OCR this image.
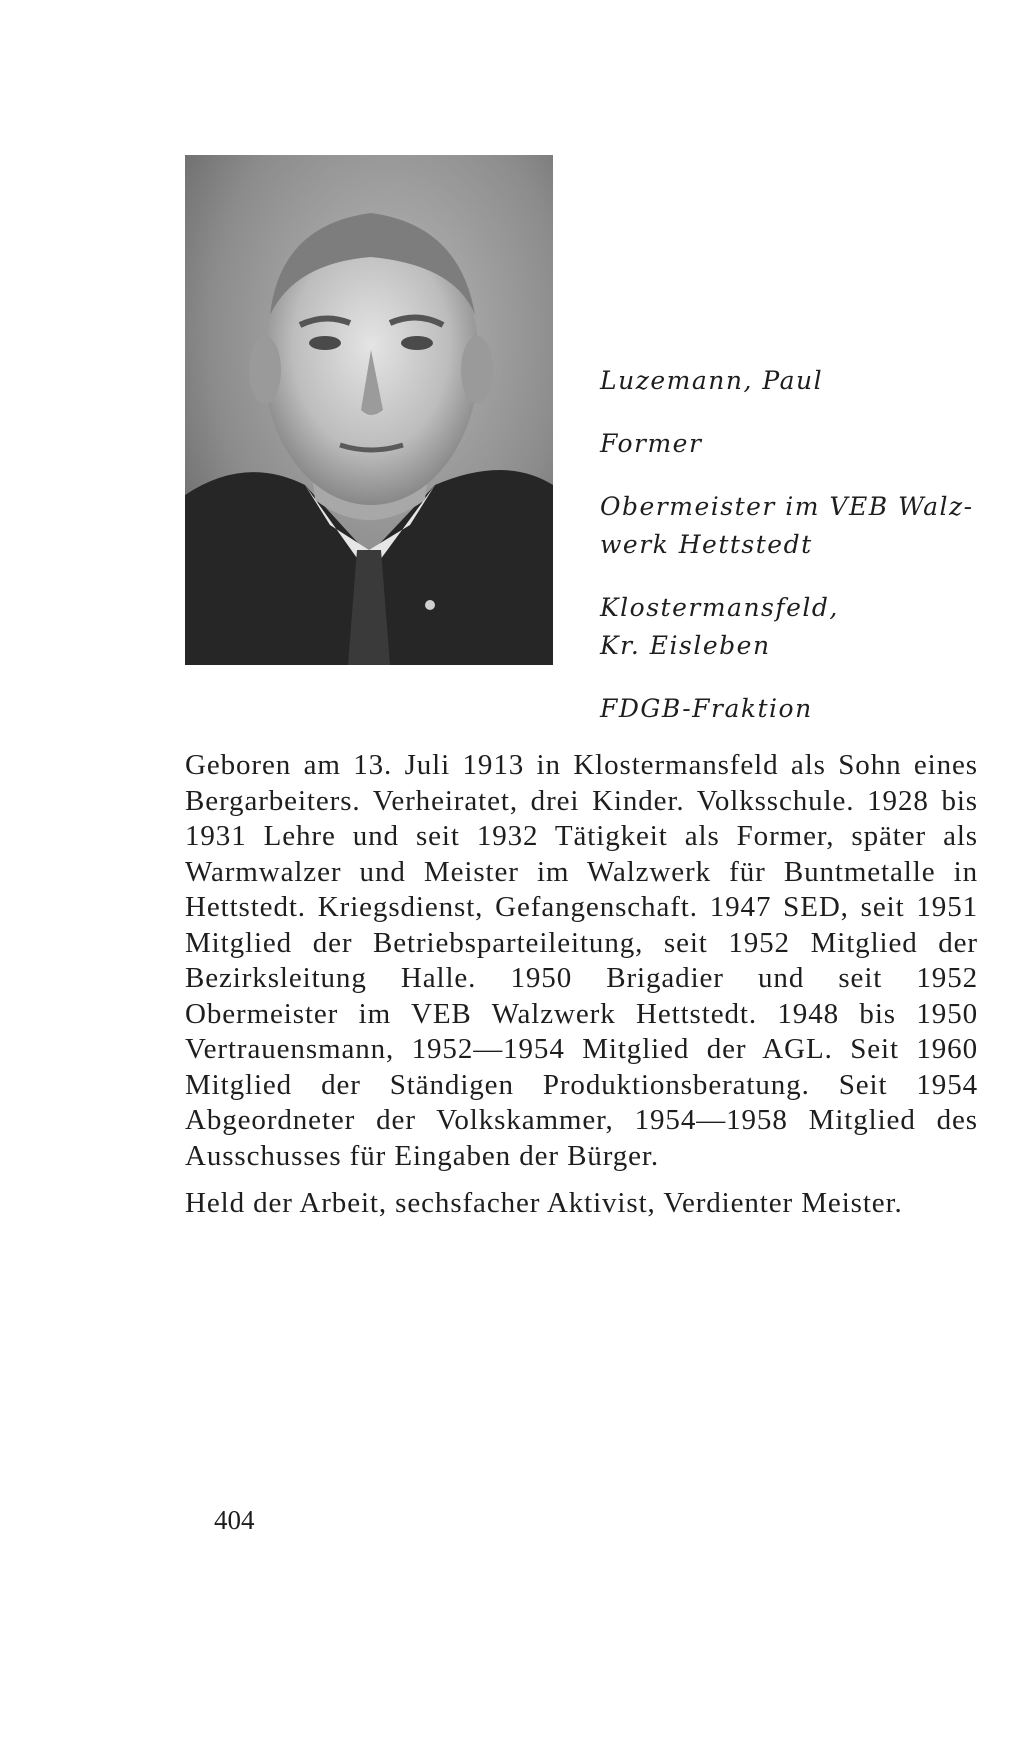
Luzemann, Paul
Former
Obermeister im VEB Walz-
werk Hettstedt
Klostermansfeld,
Kr. Eisleben
FDGB-Fraktion

Geboren am 13. Juli 1913 in Klostermansfeld als Sohn eines Bergarbeiters. Verheiratet, drei Kinder. Volksschule. 1928 bis 1931 Lehre und seit 1932 Tätigkeit als Former, später als Warmwalzer und Meister im Walzwerk für Buntmetalle in Hettstedt. Kriegsdienst, Gefangenschaft. 1947 SED, seit 1951 Mitglied der Betriebsparteileitung, seit 1952 Mitglied der Bezirksleitung Halle. 1950 Brigadier und seit 1952 Obermeister im VEB Walzwerk Hettstedt. 1948 bis 1950 Vertrauensmann, 1952—1954 Mitglied der AGL. Seit 1960 Mitglied der Ständigen Produktionsberatung. Seit 1954 Abgeordneter der Volkskammer, 1954—1958 Mitglied des Ausschusses für Eingaben der Bürger.

Held der Arbeit, sechsfacher Aktivist, Verdienter Meister.

404
